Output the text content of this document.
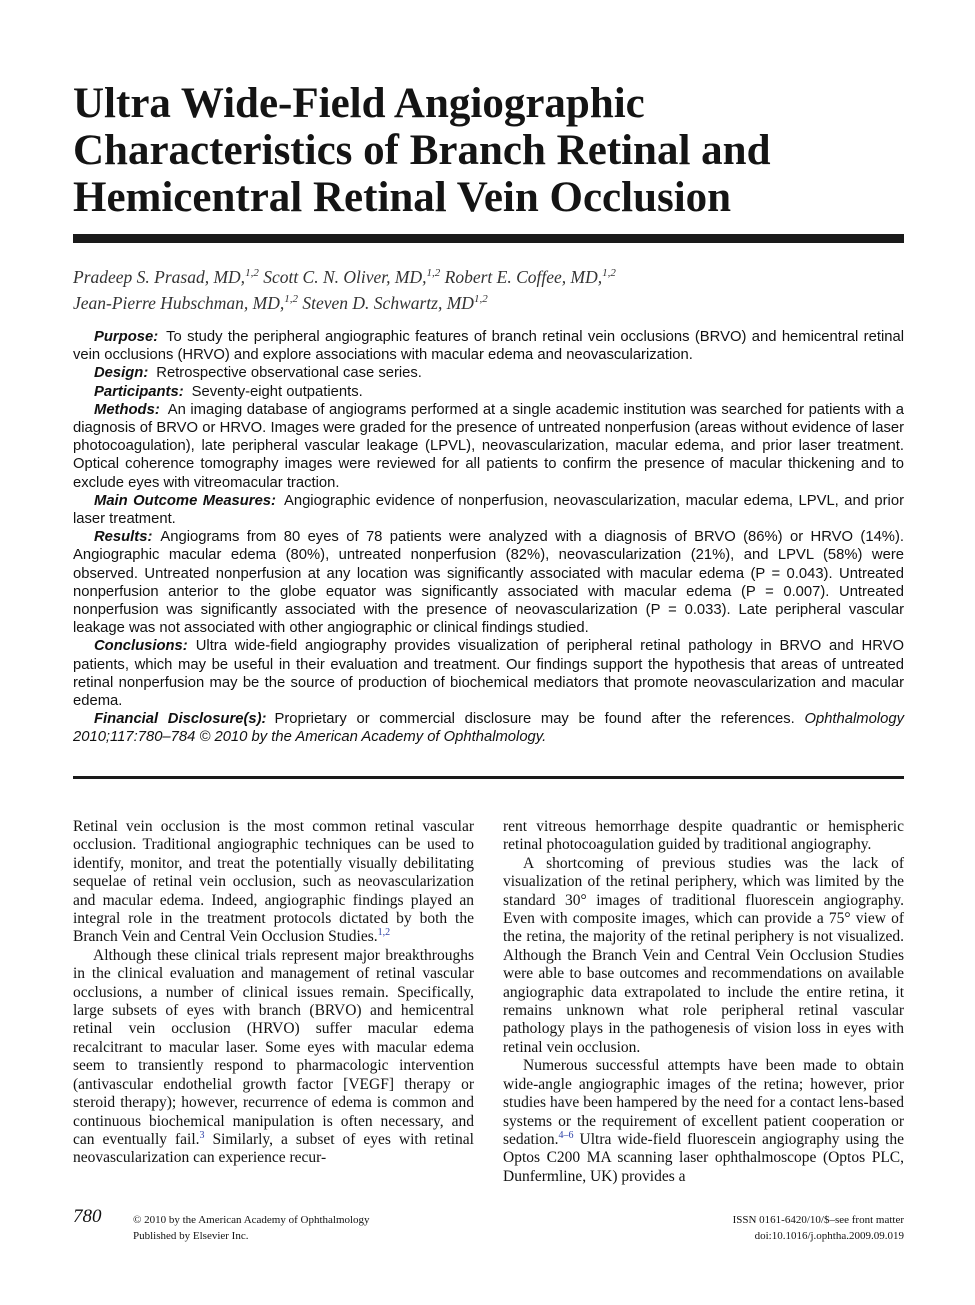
Ultra Wide-Field Angiographic
Characteristics of Branch Retinal and
Hemicentral Retinal Vein Occlusion
Pradeep S. Prasad, MD,$^{1,2}$ Scott C. N. Oliver, MD,$^{1,2}$ Robert E. Coffee, MD,$^{1,2}$
Jean-Pierre Hubschman, MD,$^{1,2}$ Steven D. Schwartz, MD$^{1,2}$

Purpose: To study the peripheral angiographic features of branch retinal vein occlusions (BRVO) and hemicentral retinal vein occlusions (HRVO) and explore associations with macular edema and neovascularization.

Design: Retrospective observational case series.

Participants: Seventy-eight outpatients.

Methods: An imaging database of angiograms performed at a single academic institution was searched for patients with a diagnosis of BRVO or HRVO. Images were graded for the presence of untreated nonperfusion (areas without evidence of laser photocoagulation), late peripheral vascular leakage (LPVL), neovascularization, macular edema, and prior laser treatment. Optical coherence tomography images were reviewed for all patients to confirm the presence of macular thickening and to exclude eyes with vitreomacular traction.

Main Outcome Measures: Angiographic evidence of nonperfusion, neovascularization, macular edema, LPVL, and prior laser treatment.

Results: Angiograms from 80 eyes of 78 patients were analyzed with a diagnosis of BRVO (86%) or HRVO (14%). Angiographic macular edema (80%), untreated nonperfusion (82%), neovascularization (21%), and LPVL (58%) were observed. Untreated nonperfusion at any location was significantly associated with macular edema (P = 0.043). Untreated nonperfusion anterior to the globe equator was significantly associated with macular edema (P = 0.007). Untreated nonperfusion was significantly associated with the presence of neovascularization (P = 0.033). Late peripheral vascular leakage was not associated with other angiographic or clinical findings studied.

Conclusions: Ultra wide-field angiography provides visualization of peripheral retinal pathology in BRVO and HRVO patients, which may be useful in their evaluation and treatment. Our findings support the hypothesis that areas of untreated retinal nonperfusion may be the source of production of biochemical mediators that promote neovascularization and macular edema.

Financial Disclosure(s): Proprietary or commercial disclosure may be found after the references. Ophthalmology 2010;117:780–784 © 2010 by the American Academy of Ophthalmology.

Retinal vein occlusion is the most common retinal vascular occlusion. Traditional angiographic techniques can be used to identify, monitor, and treat the potentially visually debilitating sequelae of retinal vein occlusion, such as neovascularization and macular edema. Indeed, angiographic findings played an integral role in the treatment protocols dictated by both the Branch Vein and Central Vein Occlusion Studies.$^{1,2}$

Although these clinical trials represent major breakthroughs in the clinical evaluation and management of retinal vascular occlusions, a number of clinical issues remain. Specifically, large subsets of eyes with branch (BRVO) and hemicentral retinal vein occlusion (HRVO) suffer macular edema recalcitrant to macular laser. Some eyes with macular edema seem to transiently respond to pharmacologic intervention (antivascular endothelial growth factor [VEGF] therapy or steroid therapy); however, recurrence of edema is common and continuous biochemical manipulation is often necessary, and can eventually fail.$^3$ Similarly, a subset of eyes with retinal neovascularization can experience recur-

rent vitreous hemorrhage despite quadrantic or hemispheric retinal photocoagulation guided by traditional angiography.

A shortcoming of previous studies was the lack of visualization of the retinal periphery, which was limited by the standard 30° images of traditional fluorescein angiography. Even with composite images, which can provide a 75° view of the retina, the majority of the retinal periphery is not visualized. Although the Branch Vein and Central Vein Occlusion Studies were able to base outcomes and recommendations on available angiographic data extrapolated to include the entire retina, it remains unknown what role peripheral retinal vascular pathology plays in the pathogenesis of vision loss in eyes with retinal vein occlusion.

Numerous successful attempts have been made to obtain wide-angle angiographic images of the retina; however, prior studies have been hampered by the need for a contact lens-based systems or the requirement of excellent patient cooperation or sedation.$^{4-6}$ Ultra wide-field fluorescein angiography using the Optos C200 MA scanning laser ophthalmoscope (Optos PLC, Dunfermline, UK) provides a

780	© 2010 by the American Academy of Ophthalmology
Published by Elsevier Inc.
ISSN 0161-6420/10/$–see front matter
doi:10.1016/j.ophtha.2009.09.019
